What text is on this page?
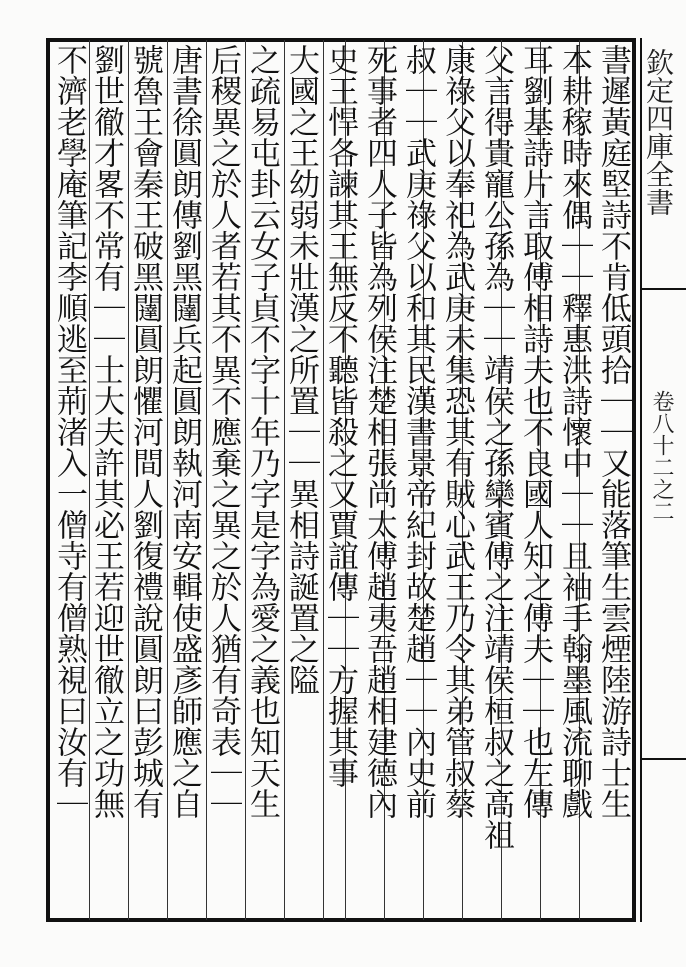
欽定四庫全書
卷八十二之二
書遲黃庭堅詩不肯低頭拾｜｜又能落筆生雲煙陸游詩士生
本耕稼時來偶｜｜釋惠洪詩懷中｜｜且袖手翰墨風流聊戲
耳劉基詩片言取傅相詩夫也不良國人知之傅夫｜｜也左傳
父言得貴寵公孫為｜｜靖侯之孫欒賓傅之注靖侯桓叔之高祖
康祿父以奉祀為武庚未集恐其有賊心武王乃令其弟管叔蔡
叔｜｜武庚祿父以和其民漢書景帝紀封故楚趙｜｜內史前
死事者四人子皆為列侯注楚相張尚太傅趙夷吾趙相建德內
史王悍各諫其王無反不聽皆殺之又賈誼傳｜｜方握其事
大國之王幼弱未壯漢之所置｜｜異相詩誕置之隘
之疏易屯卦云女子貞不字十年乃字是字為愛之義也知天生
后稷異之於人者若其不異不應棄之異之於人猶有奇表｜｜
唐書徐圓朗傳劉黑闥兵起圓朗執河南安輯使盛彥師應之自
號魯王會秦王破黑闥圓朗懼河間人劉復禮說圓朗曰彭城有
劉世徹才畧不常有｜｜士大夫許其必王若迎世徹立之功無
不濟老學庵筆記李順逃至荊渚入一僧寺有僧熟視曰汝有｜
